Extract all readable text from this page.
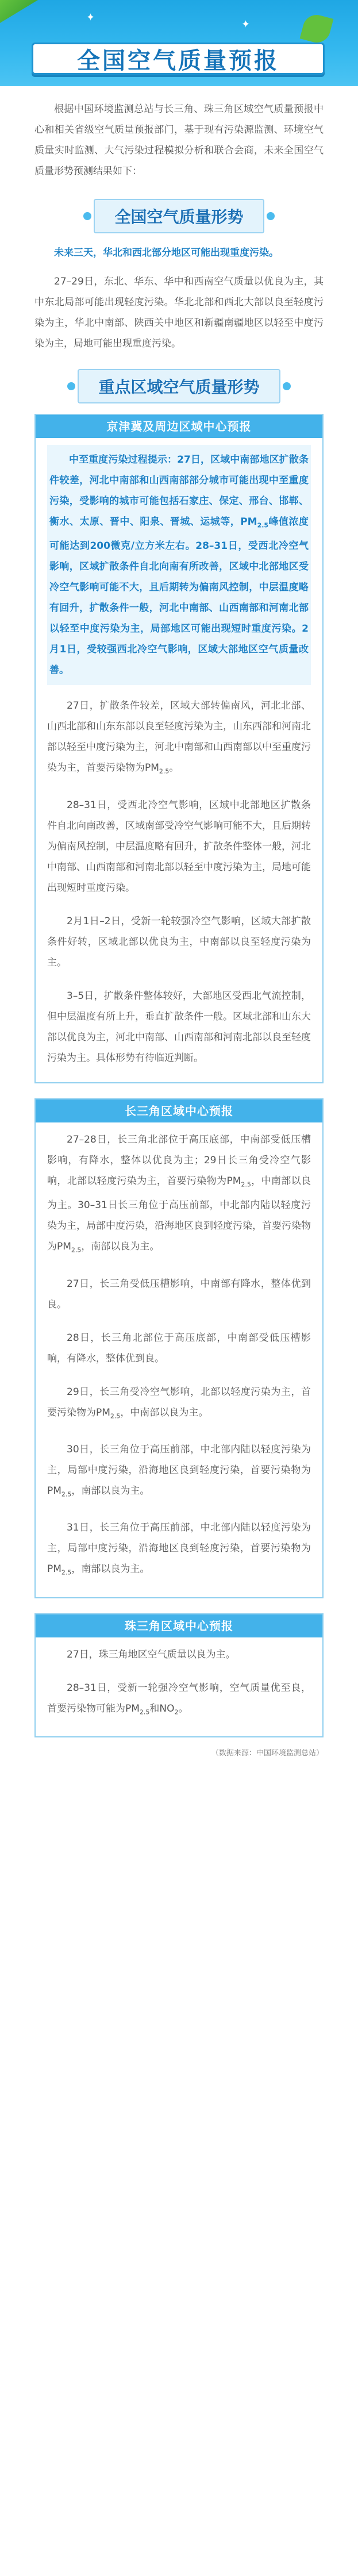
✦
✦
全国空气质量预报

根据中国环境监测总站与长三角、珠三角区域空气质量预报中心和相关省级空气质量预报部门，基于现有污染源监测、环境空气质量实时监测、大气污染过程模拟分析和联合会商，未来全国空气质量形势预测结果如下：

全国空气质量形势

未来三天，华北和西北部分地区可能出现重度污染。

27–29日，东北、华东、华中和西南空气质量以优良为主，其中东北局部可能出现轻度污染。华北北部和西北大部以良至轻度污染为主，华北中南部、陕西关中地区和新疆南疆地区以轻至中度污染为主，局地可能出现重度污染。

重点区域空气质量形势
京津冀及周边区域中心预报

中至重度污染过程提示：27日，区域中南部地区扩散条件较差，河北中南部和山西南部部分城市可能出现中至重度污染，受影响的城市可能包括石家庄、保定、邢台、邯郸、衡水、太原、晋中、阳泉、晋城、运城等，$PM_{2.5}$峰值浓度可能达到200微克/立方米左右。28–31日，受西北冷空气影响，区域扩散条件自北向南有所改善，区域中北部地区受冷空气影响可能不大，且后期转为偏南风控制，中层温度略有回升，扩散条件一般，河北中南部、山西南部和河南北部以轻至中度污染为主，局部地区可能出现短时重度污染。2月1日，受较强西北冷空气影响，区域大部地区空气质量改善。

27日，扩散条件较差，区域大部转偏南风，河北北部、山西北部和山东东部以良至轻度污染为主，山东西部和河南北部以轻至中度污染为主，河北中南部和山西南部以中至重度污染为主，首要污染物为$PM_{2.5}$。

28–31日，受西北冷空气影响，区域中北部地区扩散条件自北向南改善，区域南部受冷空气影响可能不大，且后期转为偏南风控制，中层温度略有回升，扩散条件整体一般，河北中南部、山西南部和河南北部以轻至中度污染为主，局地可能出现短时重度污染。

2月1日–2日，受新一轮较强冷空气影响，区域大部扩散条件好转，区域北部以优良为主，中南部以良至轻度污染为主。

3–5日，扩散条件整体较好，大部地区受西北气流控制，但中层温度有所上升，垂直扩散条件一般。区域北部和山东大部以优良为主，河北中南部、山西南部和河南北部以良至轻度污染为主。具体形势有待临近判断。

长三角区域中心预报

27–28日，长三角北部位于高压底部，中南部受低压槽影响，有降水，整体以优良为主；29日长三角受冷空气影响，北部以轻度污染为主，首要污染物为$PM_{2.5}$，中南部以良为主。30–31日长三角位于高压前部，中北部内陆以轻度污染为主，局部中度污染，沿海地区良到轻度污染，首要污染物为$PM_{2.5}$，南部以良为主。

27日，长三角受低压槽影响，中南部有降水，整体优到良。

28日，长三角北部位于高压底部，中南部受低压槽影响，有降水，整体优到良。

29日，长三角受冷空气影响，北部以轻度污染为主，首要污染物为$PM_{2.5}$，中南部以良为主。

30日，长三角位于高压前部，中北部内陆以轻度污染为主，局部中度污染，沿海地区良到轻度污染，首要污染物为$PM_{2.5}$，南部以良为主。

31日，长三角位于高压前部，中北部内陆以轻度污染为主，局部中度污染，沿海地区良到轻度污染，首要污染物为$PM_{2.5}$，南部以良为主。

珠三角区域中心预报

27日，珠三角地区空气质量以良为主。

28–31日，受新一轮强冷空气影响，空气质量优至良，首要污染物可能为$PM_{2.5}$和$NO_2$。

（数据来源：中国环境监测总站）
